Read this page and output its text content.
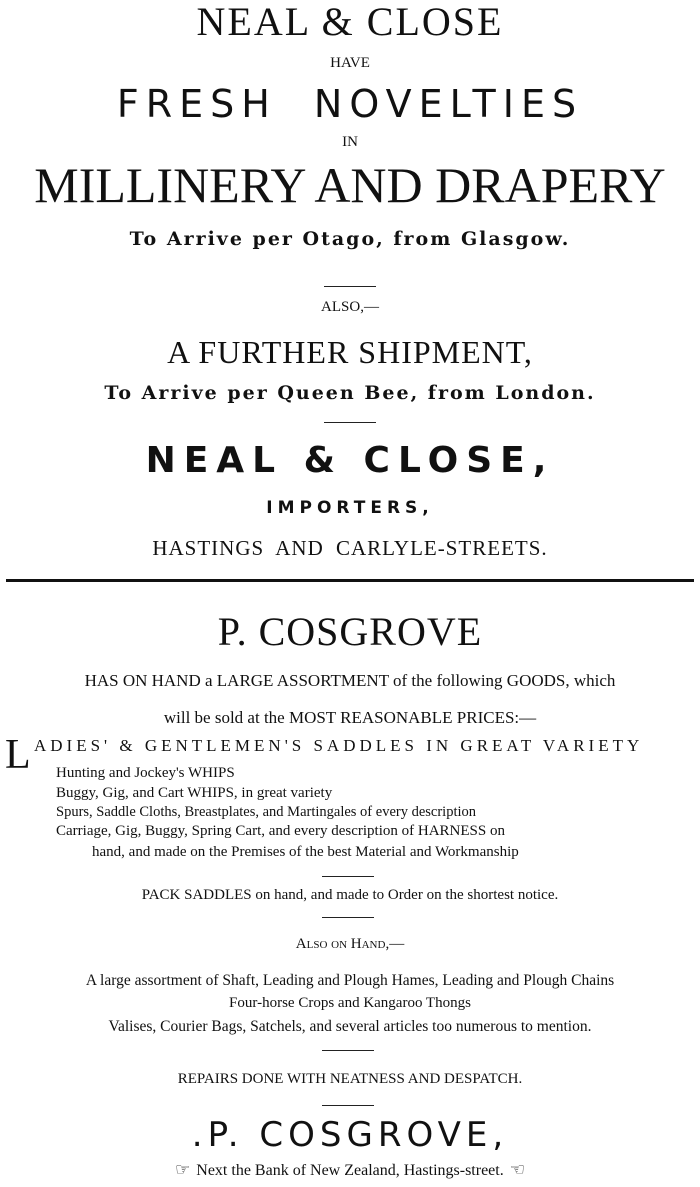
NEAL & CLOSE
HAVE
FRESH NOVELTIES
IN
MILLINERY AND DRAPERY
To Arrive per Otago, from Glasgow.
ALSO,—
A FURTHER SHIPMENT,
To Arrive per Queen Bee, from London.
NEAL & CLOSE,
IMPORTERS,
HASTINGS AND CARLYLE-STREETS.
P. COSGROVE
HAS ON HAND a LARGE ASSORTMENT of the following GOODS, which
will be sold at the MOST REASONABLE PRICES:—
L ADIES' & GENTLEMEN'S SADDLES IN GREAT VARIETY
Hunting and Jockey's WHIPS
Buggy, Gig, and Cart WHIPS, in great variety
Spurs, Saddle Cloths, Breastplates, and Martingales of every description
Carriage, Gig, Buggy, Spring Cart, and every description of HARNESS on
hand, and made on the Premises of the best Material and Workmanship
PACK SADDLES on hand, and made to Order on the shortest notice.
Also on Hand,—
A large assortment of Shaft, Leading and Plough Hames, Leading and Plough Chains
Four-horse Crops and Kangaroo Thongs
Valises, Courier Bags, Satchels, and several articles too numerous to mention.
REPAIRS DONE WITH NEATNESS AND DESPATCH.
.P. COSGROVE,
☞ Next the Bank of New Zealand, Hastings-street. ☜
